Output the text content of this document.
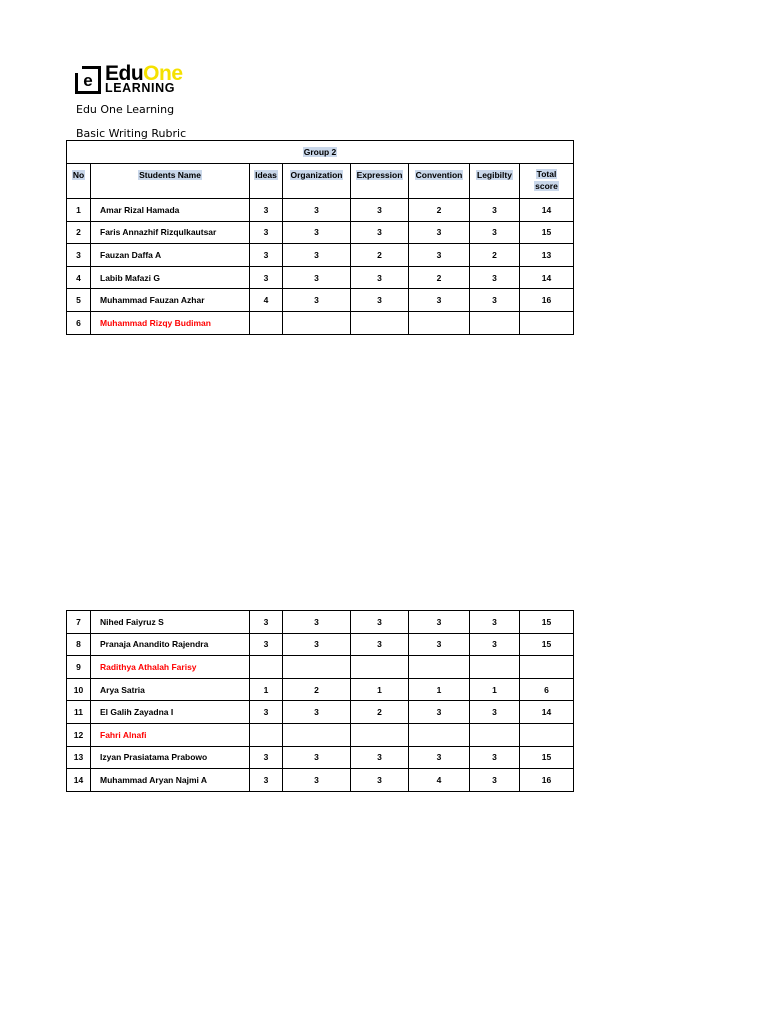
e EduOne
LEARNING
Edu One Learning
Basic Writing Rubric
Group 2							
No	Students Name	Ideas	Organization	Expression	Convention	Legibilty	Total
score
1	Amar Rizal Hamada	3	3	3	2	3	14
2	Faris Annazhif Rizqulkautsar	3	3	3	3	3	15
3	Fauzan Daffa A	3	3	2	3	2	13
4	Labib Mafazi G	3	3	3	2	3	14
5	Muhammad Fauzan Azhar	4	3	3	3	3	16
6	Muhammad Rizqy Budiman						
7	Nihed Faiyruz S	3	3	3	3	3	15
8	Pranaja Anandito Rajendra	3	3	3	3	3	15
9	Radithya Athalah Farisy						
10	Arya Satria	1	2	1	1	1	6
11	El Galih Zayadna I	3	3	2	3	3	14
12	Fahri Alnafi						
13	Izyan Prasiatama Prabowo	3	3	3	3	3	15
14	Muhammad Aryan Najmi A	3	3	3	4	3	16
